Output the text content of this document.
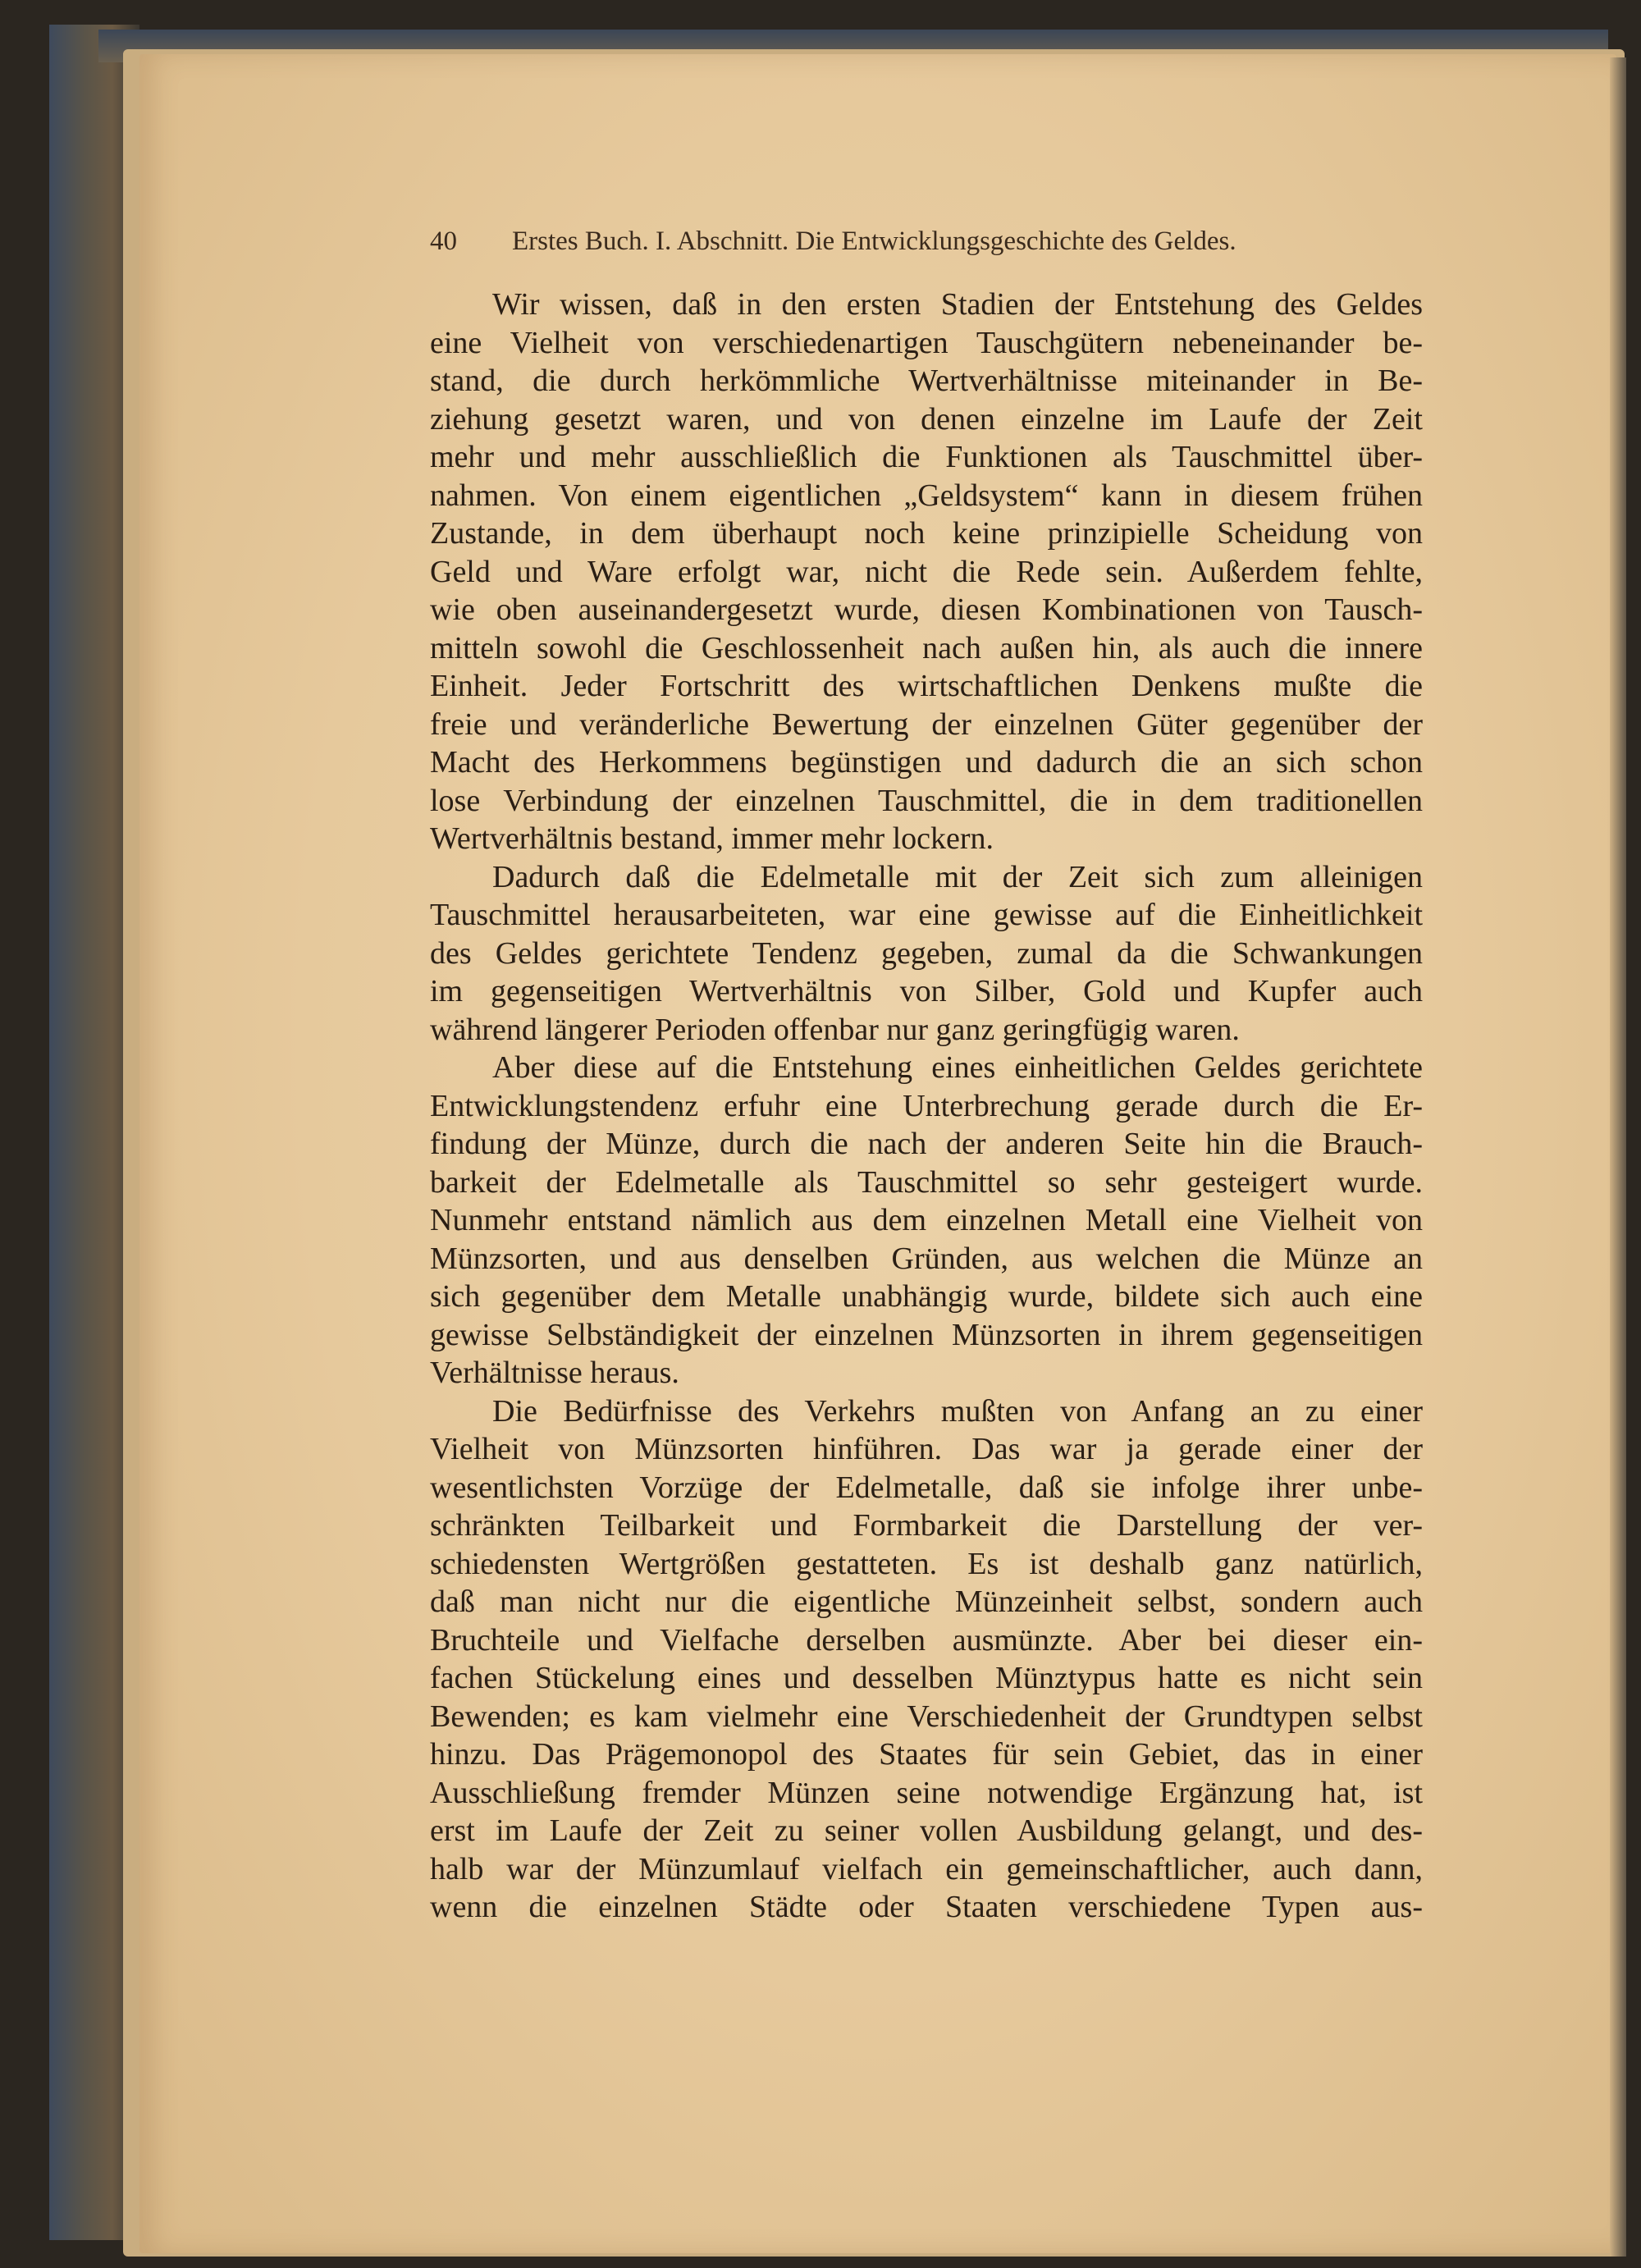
40 Erstes Buch. I. Abschnitt. Die Entwicklungsgeschichte des Geldes.
Wir wissen, daß in den ersten Stadien der Entstehung des Geldes
eine Vielheit von verschiedenartigen Tauschgütern nebeneinander be-
stand, die durch herkömmliche Wertverhältnisse miteinander in Be-
ziehung gesetzt waren, und von denen einzelne im Laufe der Zeit
mehr und mehr ausschließlich die Funktionen als Tauschmittel über-
nahmen. Von einem eigentlichen „Geldsystem“ kann in diesem frühen
Zustande, in dem überhaupt noch keine prinzipielle Scheidung von
Geld und Ware erfolgt war, nicht die Rede sein. Außerdem fehlte,
wie oben auseinandergesetzt wurde, diesen Kombinationen von Tausch-
mitteln sowohl die Geschlossenheit nach außen hin, als auch die innere
Einheit. Jeder Fortschritt des wirtschaftlichen Denkens mußte die
freie und veränderliche Bewertung der einzelnen Güter gegenüber der
Macht des Herkommens begünstigen und dadurch die an sich schon
lose Verbindung der einzelnen Tauschmittel, die in dem traditionellen
Wertverhältnis bestand, immer mehr lockern.
Dadurch daß die Edelmetalle mit der Zeit sich zum alleinigen
Tauschmittel herausarbeiteten, war eine gewisse auf die Einheitlichkeit
des Geldes gerichtete Tendenz gegeben, zumal da die Schwankungen
im gegenseitigen Wertverhältnis von Silber, Gold und Kupfer auch
während längerer Perioden offenbar nur ganz geringfügig waren.
Aber diese auf die Entstehung eines einheitlichen Geldes gerichtete
Entwicklungstendenz erfuhr eine Unterbrechung gerade durch die Er-
findung der Münze, durch die nach der anderen Seite hin die Brauch-
barkeit der Edelmetalle als Tauschmittel so sehr gesteigert wurde.
Nunmehr entstand nämlich aus dem einzelnen Metall eine Vielheit von
Münzsorten, und aus denselben Gründen, aus welchen die Münze an
sich gegenüber dem Metalle unabhängig wurde, bildete sich auch eine
gewisse Selbständigkeit der einzelnen Münzsorten in ihrem gegenseitigen
Verhältnisse heraus.
Die Bedürfnisse des Verkehrs mußten von Anfang an zu einer
Vielheit von Münzsorten hinführen. Das war ja gerade einer der
wesentlichsten Vorzüge der Edelmetalle, daß sie infolge ihrer unbe-
schränkten Teilbarkeit und Formbarkeit die Darstellung der ver-
schiedensten Wertgrößen gestatteten. Es ist deshalb ganz natürlich,
daß man nicht nur die eigentliche Münzeinheit selbst, sondern auch
Bruchteile und Vielfache derselben ausmünzte. Aber bei dieser ein-
fachen Stückelung eines und desselben Münztypus hatte es nicht sein
Bewenden; es kam vielmehr eine Verschiedenheit der Grundtypen selbst
hinzu. Das Prägemonopol des Staates für sein Gebiet, das in einer
Ausschließung fremder Münzen seine notwendige Ergänzung hat, ist
erst im Laufe der Zeit zu seiner vollen Ausbildung gelangt, und des-
halb war der Münzumlauf vielfach ein gemeinschaftlicher, auch dann,
wenn die einzelnen Städte oder Staaten verschiedene Typen aus-
